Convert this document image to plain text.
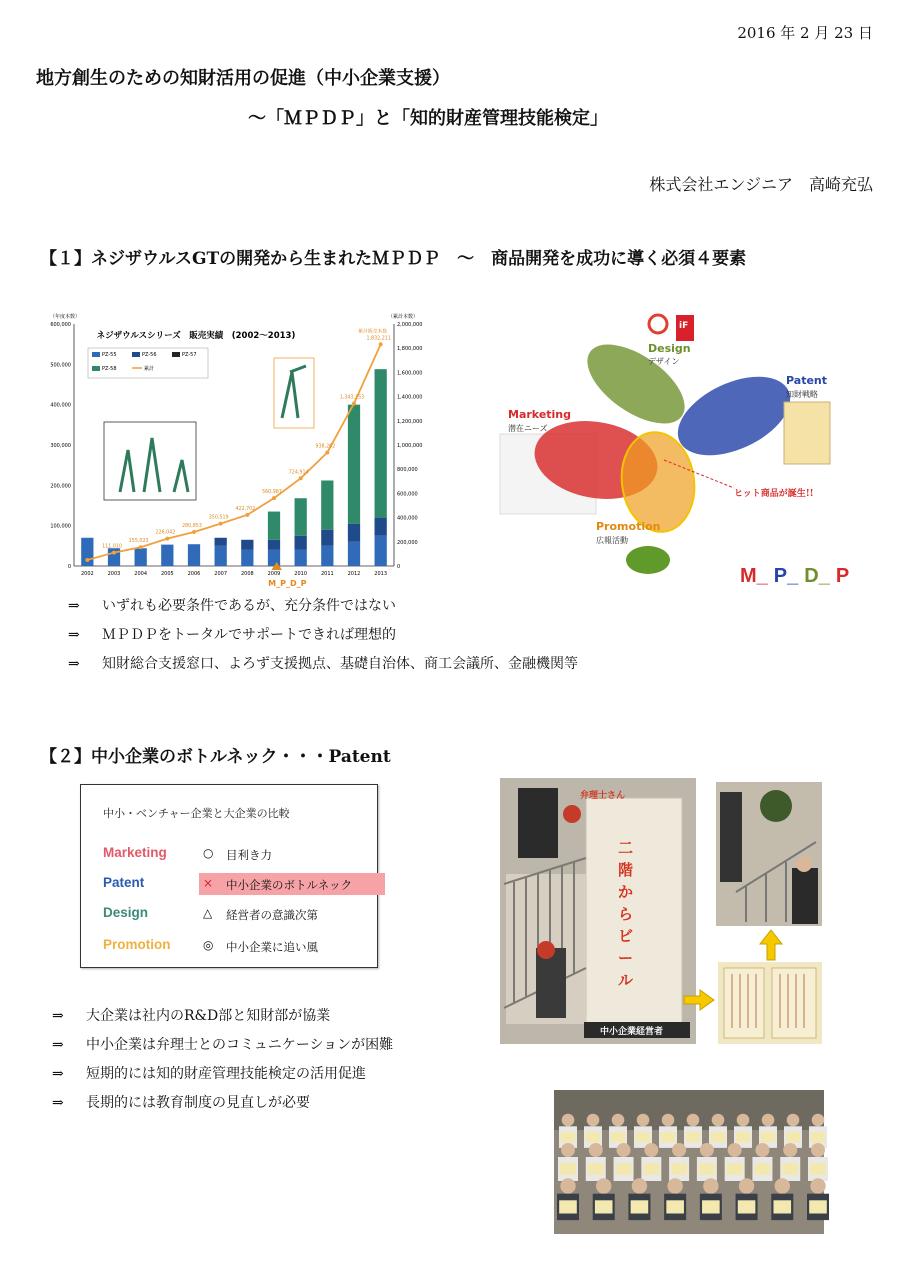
2016 年 2 月 23 日
地方創生のための知財活用の促進（中小企業支援）
～「ＭＰＤＰ」と「知的財産管理技能検定」
株式会社エンジニア　高崎充弘
【１】ネジザウルスGTの開発から生まれたＭＰＤＰ　～　商品開発を成功に導く必須４要素
ネジザウルスシリーズ　販売実績　(2002～2013)
（年度本数）	（累計本数）
0
100,000
200,000
300,000
400,000
500,000
600,000
0
200,000
400,000
600,000
800,000
1,000,000
1,200,000
1,400,000
1,600,000
1,800,000
2,000,000
2002	2003	2004	2005	2006	2007	2008	2009	2010	2011	2012	2013
111,010
155,023
226,042
280,853
350,519
422,702
560,987
724,914
938,262
1,343,153
1,832,211
累計販売本数
PZ-55	PZ-56	PZ-57
PZ-58	累計
M_P_D_P
iF
Design
デザイン
Patent
知財戦略
Marketing
潜在ニーズ
Promotion
広報活動
ヒット商品が誕生!!
M_ P_ D_ P
⇒ いずれも必要条件であるが、充分条件ではない
⇒ ＭＰＤＰをトータルでサポートできれば理想的
⇒ 知財総合支援窓口、よろず支援拠点、基礎自治体、商工会議所、金融機関等
【２】中小企業のボトルネック・・・Patent
中小・ベンチャー企業と大企業の比較
Marketing	○ 目利き力
Patent	× 中小企業のボトルネック
Design	△ 経営者の意識次第
Promotion	◎ 中小企業に追い風
⇒ 大企業は社内のR&D部と知財部が協業
⇒ 中小企業は弁理士とのコミュニケーションが困難
⇒ 短期的には知的財産管理技能検定の活用促進
⇒ 長期的には教育制度の見直しが必要
弁理士さん
二
階
か
ら
ビ
ー
ル
中小企業経営者
